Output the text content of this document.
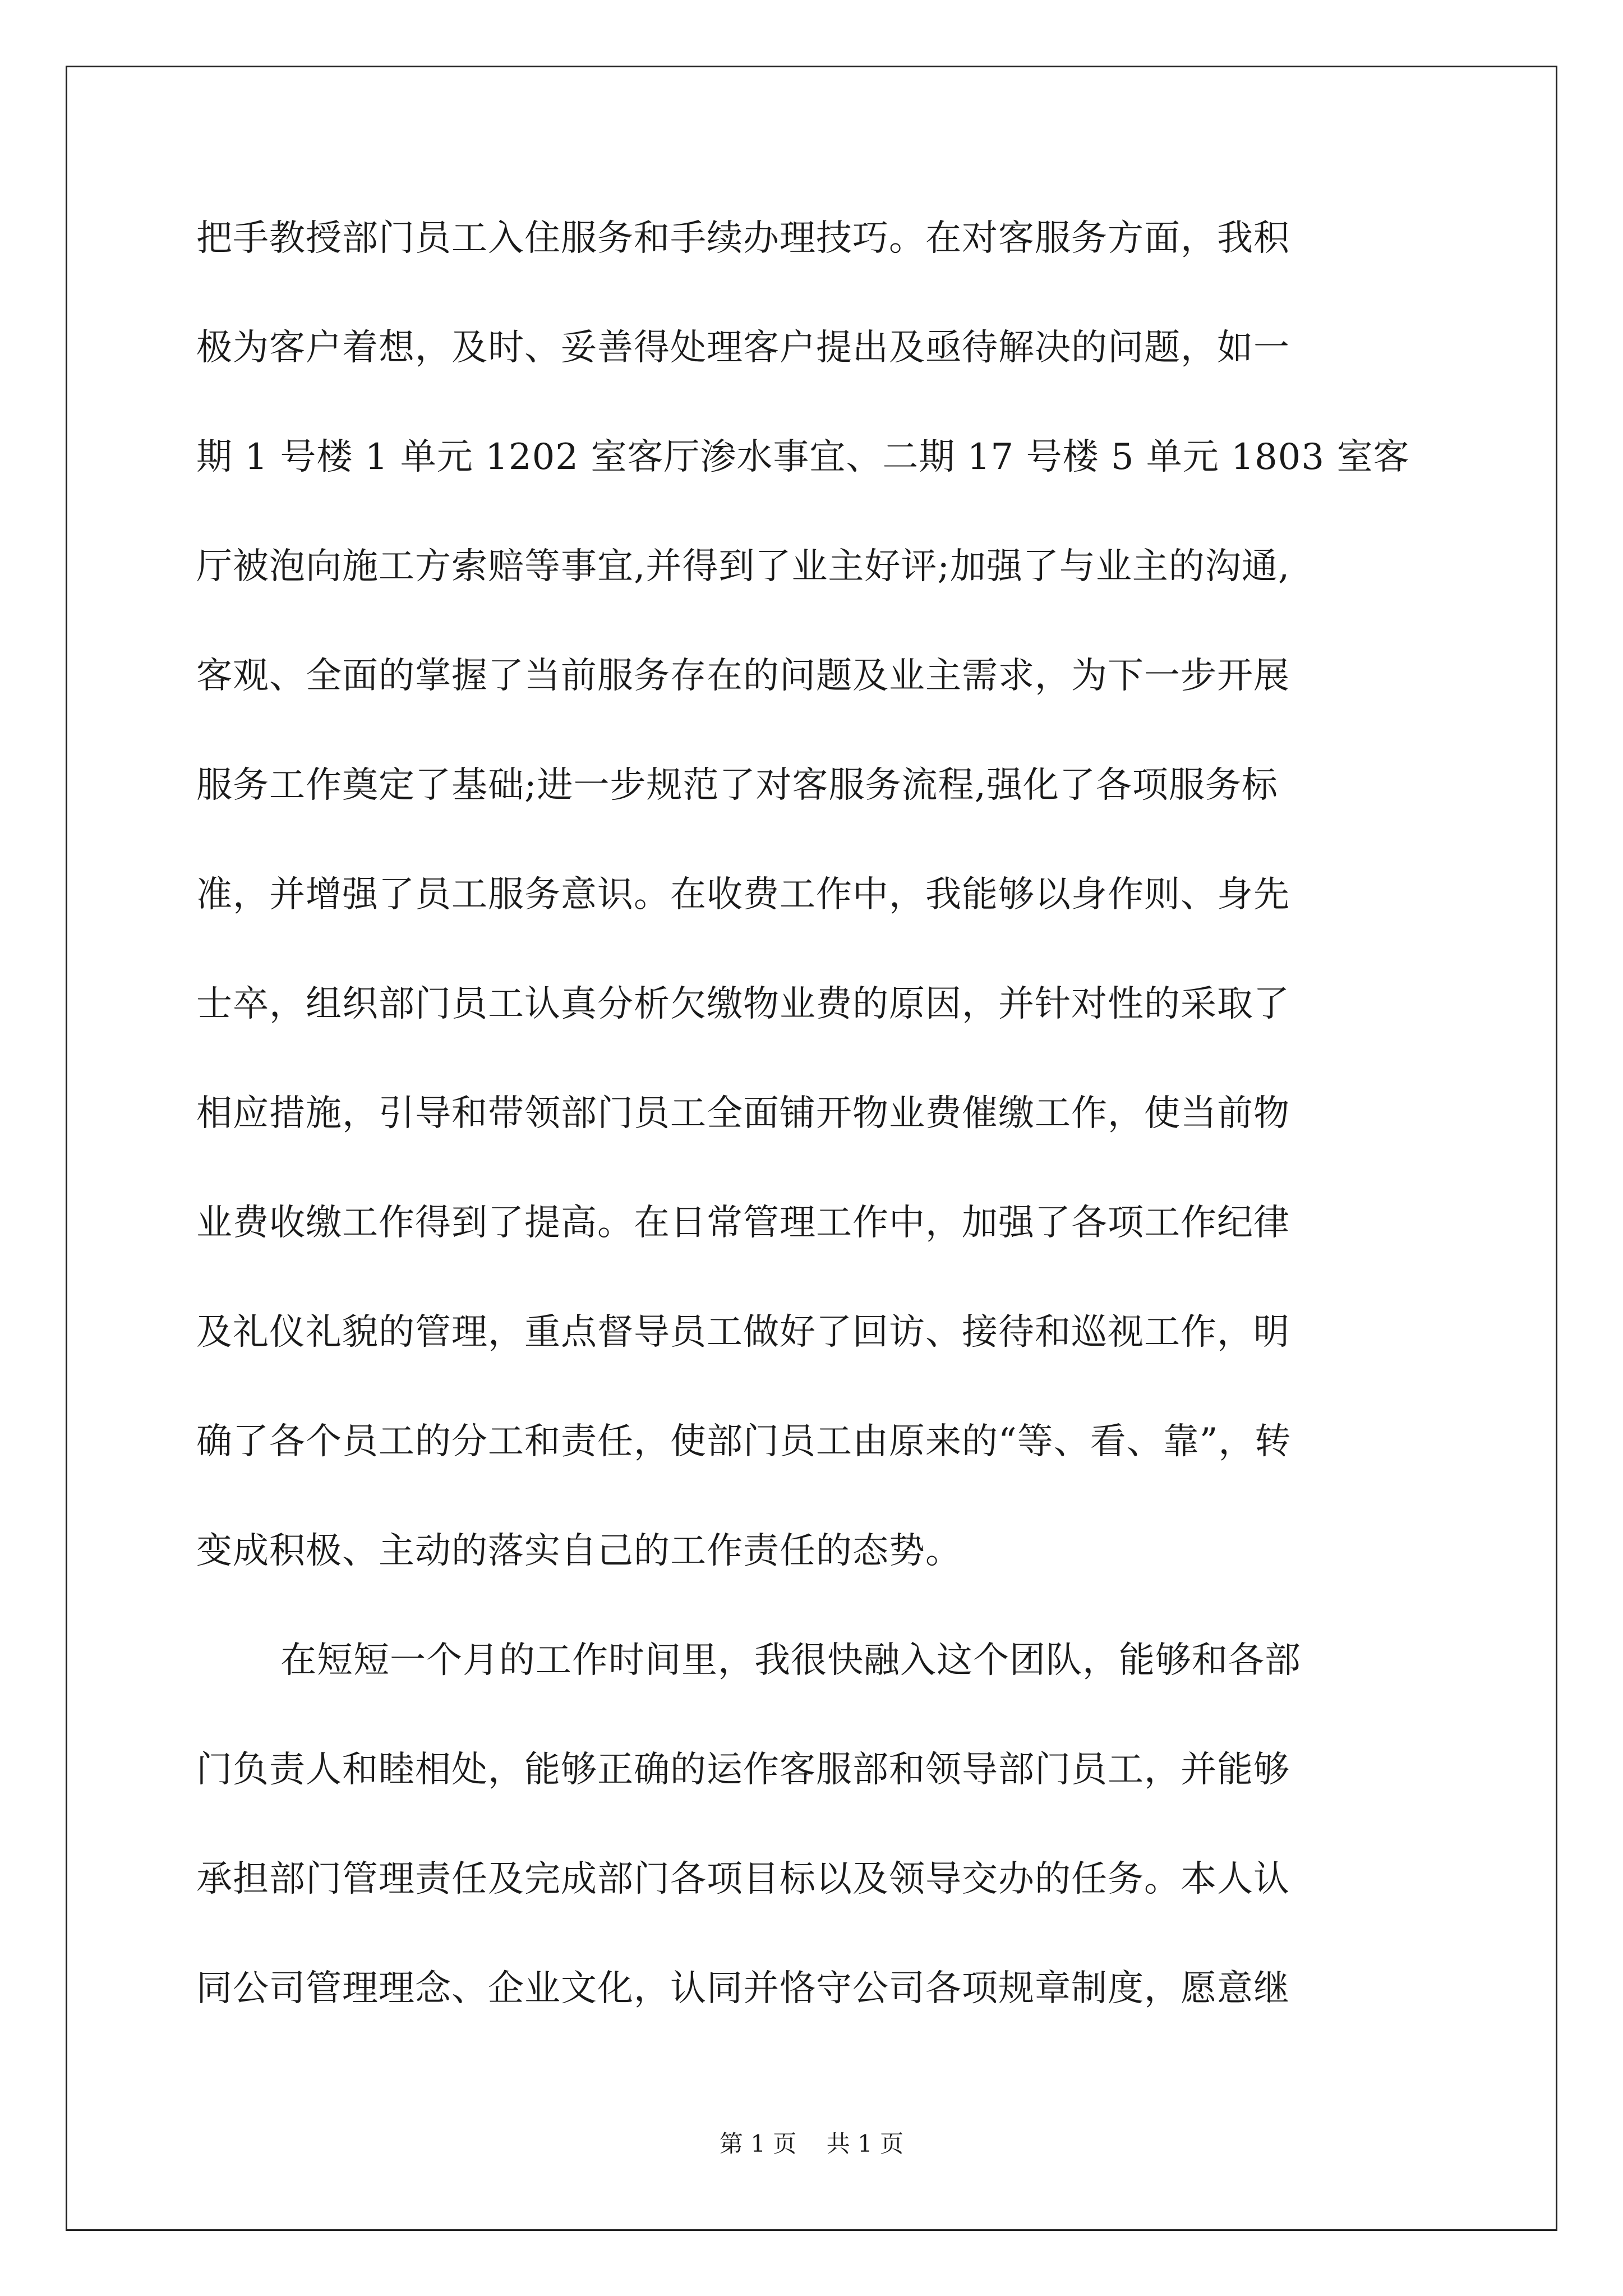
把手教授部门员工入住服务和手续办理技巧。在对客服务方面，我积
极为客户着想，及时、妥善得处理客户提出及亟待解决的问题，如一
期 1 号楼 1 单元 1202 室客厅渗水事宜、二期 17 号楼 5 单元 1803 室客
厅被泡向施工方索赔等事宜,并得到了业主好评;加强了与业主的沟通,
客观、全面的掌握了当前服务存在的问题及业主需求，为下一步开展
服务工作奠定了基础;进一步规范了对客服务流程,强化了各项服务标
准，并增强了员工服务意识。在收费工作中，我能够以身作则、身先
士卒，组织部门员工认真分析欠缴物业费的原因，并针对性的采取了
相应措施，引导和带领部门员工全面铺开物业费催缴工作，使当前物
业费收缴工作得到了提高。在日常管理工作中，加强了各项工作纪律
及礼仪礼貌的管理，重点督导员工做好了回访、接待和巡视工作，明
确了各个员工的分工和责任，使部门员工由原来的“等、看、靠”，转
变成积极、主动的落实自己的工作责任的态势。
在短短一个月的工作时间里，我很快融入这个团队，能够和各部
门负责人和睦相处，能够正确的运作客服部和领导部门员工，并能够
承担部门管理责任及完成部门各项目标以及领导交办的任务。本人认
同公司管理理念、企业文化，认同并恪守公司各项规章制度，愿意继
第 1 页    共 1 页
